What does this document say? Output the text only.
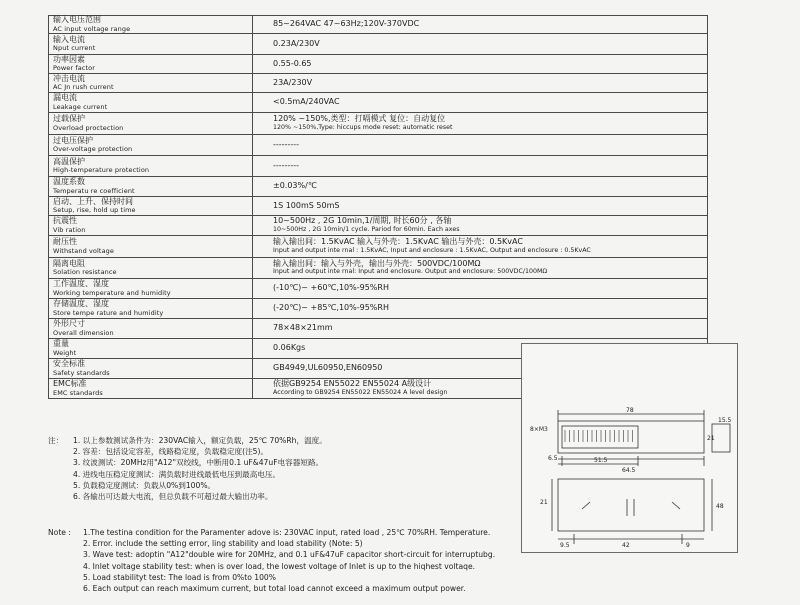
输入电压范围
AC input voltage range	85~264VAC 47~63Hz;120V-370VDC

输入电流
Nput current	0.23A/230V

功率因素
Power factor	0.55-0.65

冲击电流
AC Jn rush current	23A/230V

漏电流
Leakage current	<0.5mA/240VAC

过载保护
Overload proctection	120% ~150%,类型：打嗝模式 复位：自动复位
120% ~150%,Type: hiccups mode reset: automatic reset

过电压保护
Over-voltage protection	---------

高温保护
High-temperature protection	---------

温度系数
Temperatu re coefficient	±0.03%/℃

启动、上升、保持时间
Setup, rise, hold up time	1S 100mS 50mS

抗震性
Vib ration	10~500Hz , 2G 10min,1/周期, 时长60分 , 各轴
10~500Hz , 2G 10min/1 cycle. Pariod for 60min. Each axes

耐压性
Withstand voltage	输入输出间：1.5KvAC 输入与外壳：1.5KvAC 输出与外壳：0.5KvAC
Input and output inte rnal : 1.5KvAC, Input and enclosure : 1.5KvAC, Output and enclosure : 0.5KvAC

隔离电阻
Solation resistance	输入输出间：输入与外壳，输出与外壳：500VDC/100MΩ
Input and output inte rnal: Input and enclosure. Output and enclosure: 500VDC/100MΩ

工作温度、湿度
Working temperature and humidity	(-10℃)~ +60℃,10%-95%RH

存储温度、湿度
Store tempe rature and humidity	(-20℃)~ +85℃,10%-95%RH

外形尺寸
Overall dimension	78×48×21mm

重量
Weight	0.06Kgs

安全标准
Safety standards	GB4949,UL60950,EN60950

EMC标准
EMC standards	依据GB9254 EN55022 EN55024 A级设计
According to GB9254 EN55022 EN55024 A level design
注：	1. 以上参数测试条件为：230VAC输入，额定负载，25℃ 70%Rh，温度。
2. 容差：包括设定容差，线路稳定度，负载稳定度(注5)。
3. 纹波测试：20MHz用"A12"双绞线，中断用0.1 uF&47uF电容器短路。
4. 进线电压稳定度测试：满负载时进线最低电压到最高电压。
5. 负载稳定度测试：负载从0%到100%。
6. 各输出可达最大电流，但总负载不可超过最大输出功率。
Note : 1.The testina condition for the Paramenter adove is: 230VAC input, rated load , 25℃ 70%RH. Temperature.
2. Error. include the setting error, ling stability and load stability (Note: 5)
3. Wave test: adoptin "A12"double wire for 20MHz, and 0.1 uF&47uF capacitor short-circuit for interruptubg.
4. Inlet voltage stability test: when is over load, the lowest voltage of Inlet is up to the hiqhest voltaqe.
5. Load stabilityt test: The load is from 0%to 100%
6. Each output can reach maximum current, but total load cannot exceed a maximum output power.
78
8×M3
6.5	51.5
64.5
21
15.5
21
48
9.5	42	9
